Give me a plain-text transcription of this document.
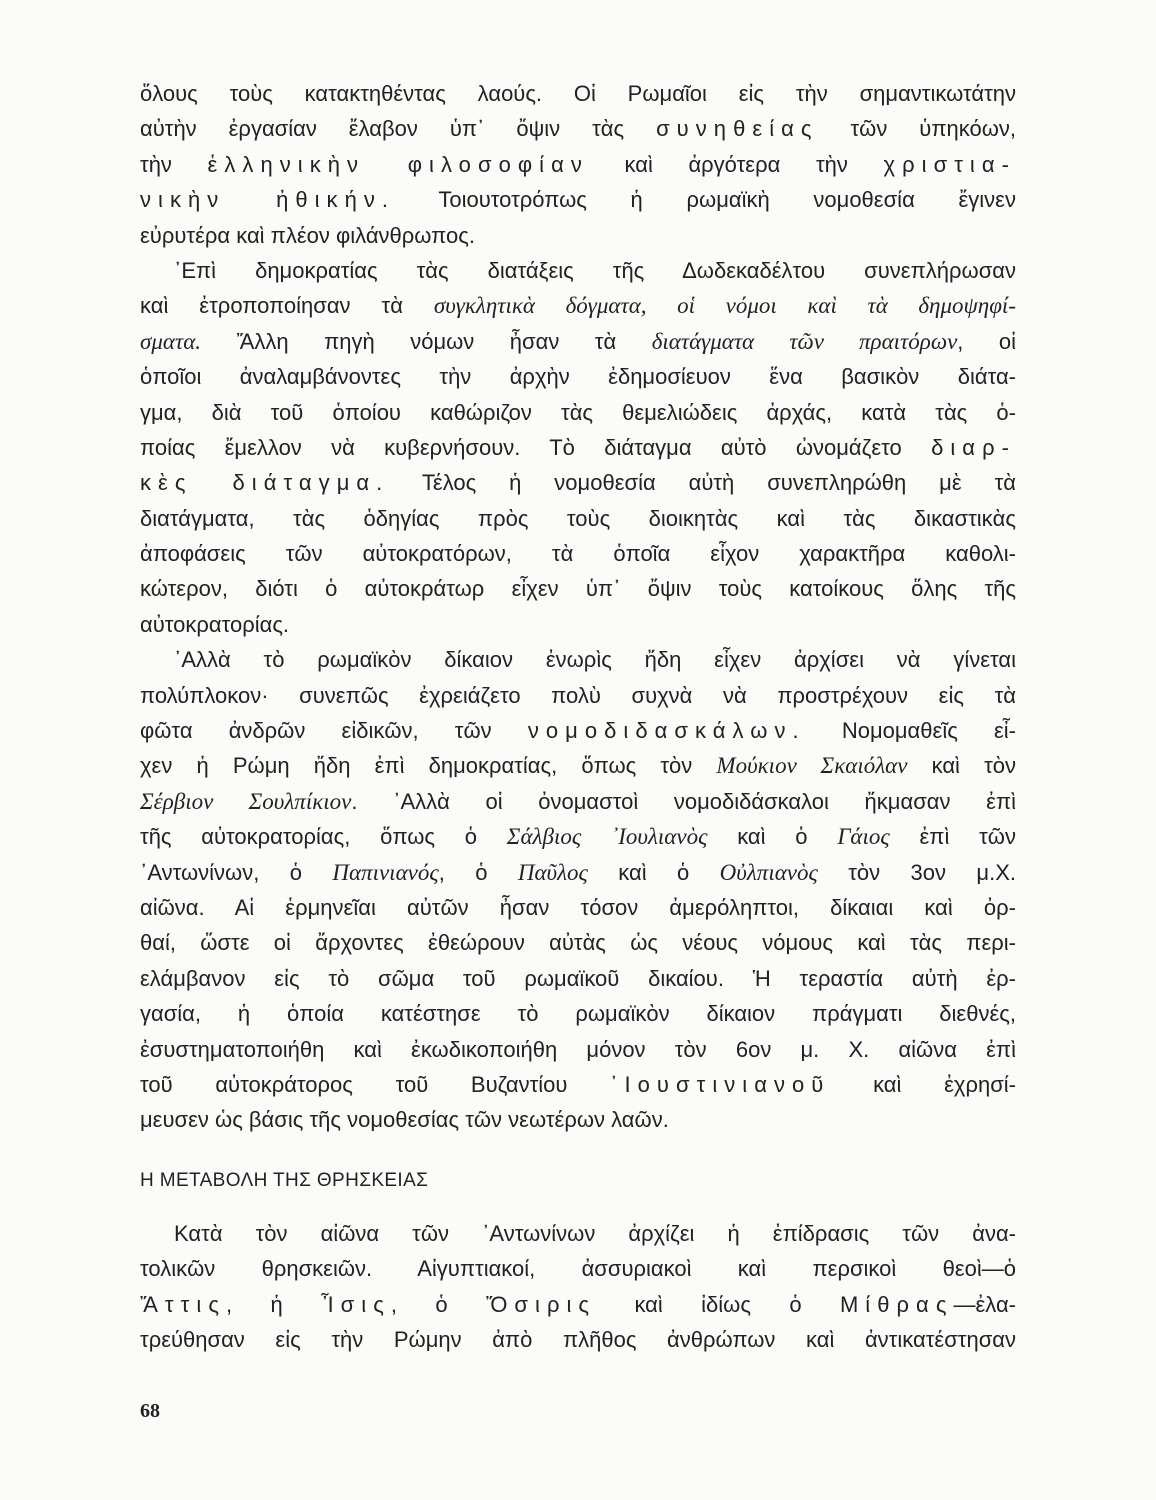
ὅλους τοὺς κατακτηθέντας λαούς. Οἱ Ρωμαῖοι εἰς τὴν σημαντικωτάτην
αὐτὴν ἐργασίαν ἔλαβον ὑπ᾽ ὄψιν τὰς συνηθείας τῶν ὑπηκόων,
τὴν ἑλληνικὴν φιλοσοφίαν καὶ ἀργότερα τὴν χριστια-
νικὴν ἠθικήν. Τοιουτοτρόπως ἡ ρωμαϊκὴ νομοθεσία ἔγινεν
εὐρυτέρα καὶ πλέον φιλάνθρωπος.
᾽Επὶ δημοκρατίας τὰς διατάξεις τῆς Δωδεκαδέλτου συνεπλήρωσαν
καὶ ἐτροποποίησαν τὰ συγκλητικὰ δόγματα, οἱ νόμοι καὶ τὰ δημοψηφί-
σματα. Ἄλλη πηγὴ νόμων ἦσαν τὰ διατάγματα τῶν πραιτόρων, οἱ
ὁποῖοι ἀναλαμβάνοντες τὴν ἀρχὴν ἐδημοσίευον ἕνα βασικὸν διάτα-
γμα, διὰ τοῦ ὁποίου καθώριζον τὰς θεμελιώδεις ἀρχάς, κατὰ τὰς ὁ-
ποίας ἔμελλον νὰ κυβερνήσουν. Τὸ διάταγμα αὐτὸ ὠνομάζετο διαρ-
κὲς διάταγμα. Τέλος ἡ νομοθεσία αὐτὴ συνεπληρώθη μὲ τὰ
διατάγματα, τὰς ὁδηγίας πρὸς τοὺς διοικητὰς καὶ τὰς δικαστικὰς
ἀποφάσεις τῶν αὐτοκρατόρων, τὰ ὁποῖα εἶχον χαρακτῆρα καθολι-
κώτερον, διότι ὁ αὐτοκράτωρ εἶχεν ὑπ᾽ ὄψιν τοὺς κατοίκους ὅλης τῆς
αὐτοκρατορίας.
᾽Αλλὰ τὸ ρωμαϊκὸν δίκαιον ἐνωρὶς ἤδη εἶχεν ἀρχίσει νὰ γίνεται
πολύπλοκον· συνεπῶς ἐχρειάζετο πολὺ συχνὰ νὰ προστρέχουν εἰς τὰ
φῶτα ἀνδρῶν εἰδικῶν, τῶν νομοδιδασκάλων. Νομομαθεῖς εἶ-
χεν ἡ Ρώμη ἤδη ἐπὶ δημοκρατίας, ὅπως τὸν Μούκιον Σκαιόλαν καὶ τὸν
Σέρβιον Σουλπίκιον. ᾽Αλλὰ οἱ ὀνομαστοὶ νομοδιδάσκαλοι ἤκμασαν ἐπὶ
τῆς αὐτοκρατορίας, ὅπως ὁ Σάλβιος ᾽Ιουλιανὸς καὶ ὁ Γάιος ἐπὶ τῶν
᾽Αντωνίνων, ὁ Παπινιανός, ὁ Παῦλος καὶ ὁ Οὐλπιανὸς τὸν 3ον μ.Χ.
αἰῶνα. Αἱ ἑρμηνεῖαι αὐτῶν ἦσαν τόσον ἀμερόληπτοι, δίκαιαι καὶ ὀρ-
θαί, ὥστε οἱ ἄρχοντες ἐθεώρουν αὐτὰς ὡς νέους νόμους καὶ τὰς περι-
ελάμβανον εἰς τὸ σῶμα τοῦ ρωμαϊκοῦ δικαίου. Ἡ τεραστία αὐτὴ ἐρ-
γασία, ἡ ὁποία κατέστησε τὸ ρωμαϊκὸν δίκαιον πράγματι διεθνές,
ἐσυστηματοποιήθη καὶ ἐκωδικοποιήθη μόνον τὸν 6ον μ. Χ. αἰῶνα ἐπὶ
τοῦ αὐτοκράτορος τοῦ Βυζαντίου ᾽Ιουστινιανοῦ καὶ ἐχρησί-
μευσεν ὡς βάσις τῆς νομοθεσίας τῶν νεωτέρων λαῶν.
Η ΜΕΤΑΒΟΛΗ ΤΗΣ ΘΡΗΣΚΕΙΑΣ
Κατὰ τὸν αἰῶνα τῶν ᾽Αντωνίνων ἀρχίζει ἡ ἐπίδρασις τῶν ἀνα-
τολικῶν θρησκειῶν. Αἰγυπτιακοί, ἀσσυριακοὶ καὶ περσικοὶ θεοὶ—ὁ
Ἄττις, ἡ Ἶσις, ὁ Ὄσιρις καὶ ἰδίως ὁ Μίθρας—ἐλα-
τρεύθησαν εἰς τὴν Ρώμην ἀπὸ πλῆθος ἀνθρώπων καὶ ἀντικατέστησαν
68
